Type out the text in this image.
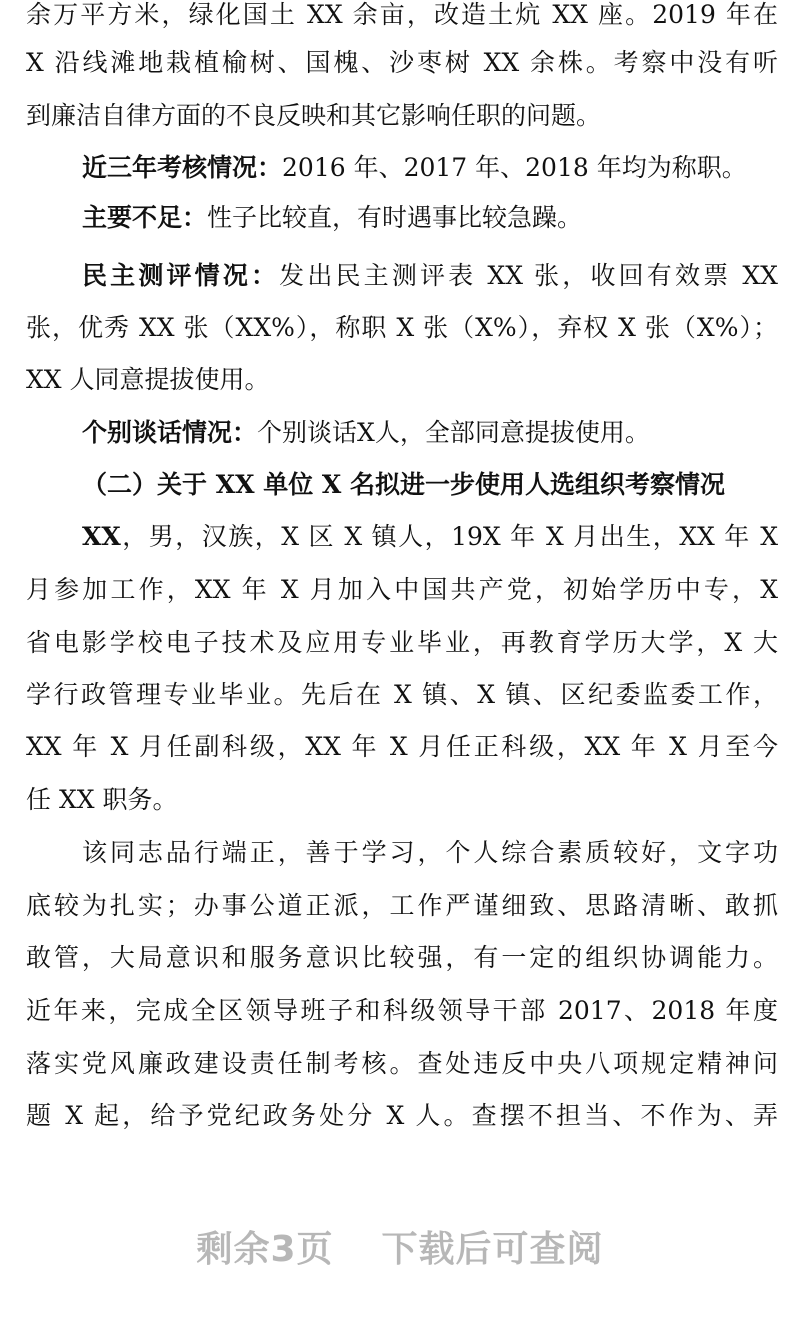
余万平方米，绿化国土 XX 余亩，改造土炕 XX 座。2019 年在
X 沿线滩地栽植榆树、国槐、沙枣树 XX 余株。考察中没有听
到廉洁自律方面的不良反映和其它影响任职的问题。
近三年考核情况：2016 年、2017 年、2018 年均为称职。
主要不足：性子比较直，有时遇事比较急躁。
民主测评情况：发出民主测评表 XX 张，收回有效票 XX
张，优秀 XX 张（XX%），称职 X 张（X%），弃权 X 张（X%）；
XX 人同意提拔使用。
个别谈话情况：个别谈话X人，全部同意提拔使用。
（二）关于 XX 单位 X 名拟进一步使用人选组织考察情况
XX，男，汉族，X 区 X 镇人，19X 年 X 月出生，XX 年 X
月参加工作，XX 年 X 月加入中国共产党，初始学历中专，X
省电影学校电子技术及应用专业毕业，再教育学历大学，X 大
学行政管理专业毕业。先后在 X 镇、X 镇、区纪委监委工作，
XX 年 X 月任副科级，XX 年 X 月任正科级，XX 年 X 月至今
任 XX 职务。
该同志品行端正，善于学习，个人综合素质较好，文字功
底较为扎实；办事公道正派，工作严谨细致、思路清晰、敢抓
敢管，大局意识和服务意识比较强，有一定的组织协调能力。
近年来，完成全区领导班子和科级领导干部 2017、2018 年度
落实党风廉政建设责任制考核。查处违反中央八项规定精神问
题 X 起，给予党纪政务处分 X 人。查摆不担当、不作为、弄
剩余3页 下载后可查阅
